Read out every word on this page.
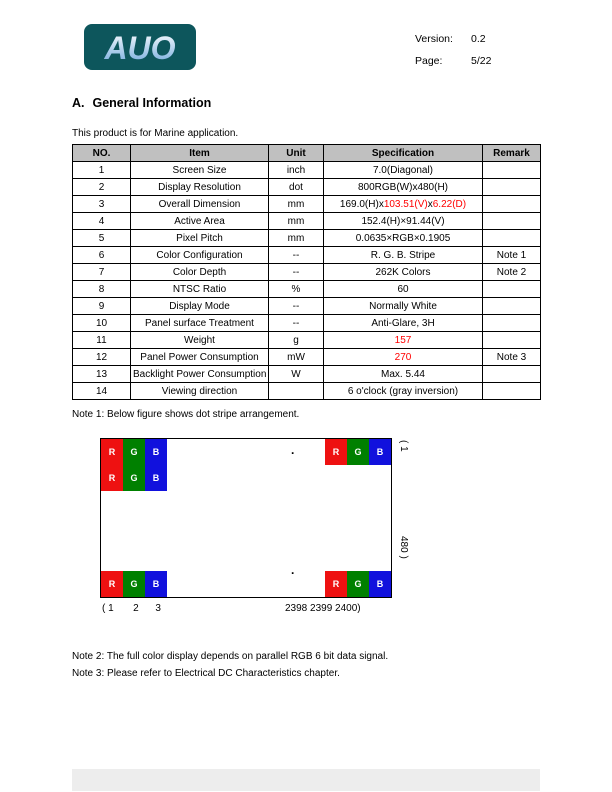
AUO	Version:	0.2
Page:	5/22
A. General Information

This product is for Marine application.

NO.	Item	Unit	Specification	Remark
1	Screen Size	inch	7.0(Diagonal)	
2	Display Resolution	dot	800RGB(W)x480(H)	
3	Overall Dimension	mm	169.0(H)x103.51(V)x6.22(D)	
4	Active Area	mm	152.4(H)×91.44(V)	
5	Pixel Pitch	mm	0.0635×RGB×0.1905	
6	Color Configuration	--	R. G. B. Stripe	Note 1
7	Color Depth	--	262K Colors	Note 2
8	NTSC Ratio	%	60	
9	Display Mode	--	Normally White	
10	Panel surface Treatment	--	Anti-Glare, 3H	
11	Weight	g	157	
12	Panel Power Consumption	mW	270	Note 3
13	Backlight Power Consumption	W	Max. 5.44	
14	Viewing direction		6 o'clock (gray inversion)	

Note 1: Below figure shows dot stripe arrangement.

R	G	B
R	G	B
R	G	B
R	G	B	R	G	B
.
.
( 1
480 )
( 1       2      3	2398 2399 2400)

Note 2: The full color display depends on parallel RGB 6 bit data signal.

Note 3: Please refer to Electrical DC Characteristics chapter.
